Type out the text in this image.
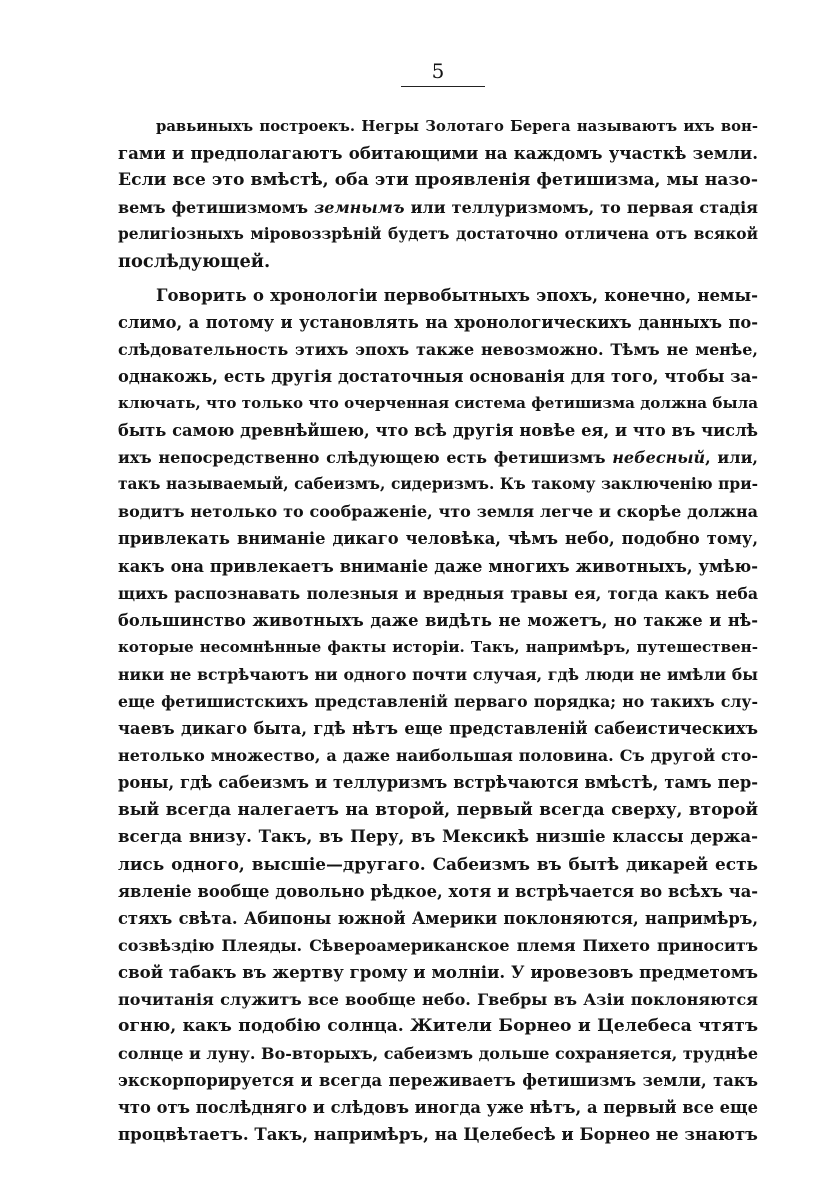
5
равьиныхъ построекъ. Негры Золотаго Берега называютъ ихъ вон-
гами и предполагаютъ обитающими на каждомъ участкѣ земли.
Если все это вмѣстѣ, оба эти проявленія фетишизма, мы назо-
вемъ фетишизмомъ земнымъ или теллуризмомъ, то первая стадія
религіозныхъ міровоззрѣній будетъ достаточно отличена отъ всякой
послѣдующей.
Говорить о хронологіи первобытныхъ эпохъ, конечно, немы-
слимо, а потому и установлять на хронологическихъ данныхъ по-
слѣдовательность этихъ эпохъ также невозможно. Тѣмъ не менѣе,
однакожь, есть другія достаточныя основанія для того, чтобы за-
ключать, что только что очерченная система фетишизма должна была
быть самою древнѣйшею, что всѣ другія новѣе ея, и что въ числѣ
ихъ непосредственно слѣдующею есть фетишизмъ небесный, или,
такъ называемый, сабеизмъ, сидеризмъ. Къ такому заключенію при-
водитъ нетолько то соображеніе, что земля легче и скорѣе должна
привлекать вниманіе дикаго человѣка, чѣмъ небо, подобно тому,
какъ она привлекаетъ вниманіе даже многихъ животныхъ, умѣю-
щихъ распознавать полезныя и вредныя травы ея, тогда какъ неба
большинство животныхъ даже видѣть не можетъ, но также и нѣ-
которые несомнѣнные факты исторіи. Такъ, напримѣръ, путешествен-
ники не встрѣчаютъ ни одного почти случая, гдѣ люди не имѣли бы
еще фетишистскихъ представленій перваго порядка; но такихъ слу-
чаевъ дикаго быта, гдѣ нѣтъ еще представленій сабеистическихъ
нетолько множество, а даже наибольшая половина. Съ другой сто-
роны, гдѣ сабеизмъ и теллуризмъ встрѣчаются вмѣстѣ, тамъ пер-
вый всегда налегаетъ на второй, первый всегда сверху, второй
всегда внизу. Такъ, въ Перу, въ Мексикѣ низшіе классы держа-
лись одного, высшіе—другаго. Сабеизмъ въ бытѣ дикарей есть
явленіе вообще довольно рѣдкое, хотя и встрѣчается во всѣхъ ча-
стяхъ свѣта. Абипоны южной Америки поклоняются, напримѣръ,
созвѣздію Плеяды. Сѣвероамериканское племя Пихето приноситъ
свой табакъ въ жертву грому и молніи. У ировезовъ предметомъ
почитанія служитъ все вообще небо. Гвебры въ Азіи поклоняются
огню, какъ подобію солнца. Жители Борнео и Целебеса чтятъ
солнце и луну. Во-вторыхъ, сабеизмъ дольше сохраняется, труднѣе
экскорпорируется и всегда переживаетъ фетишизмъ земли, такъ
что отъ послѣдняго и слѣдовъ иногда уже нѣтъ, а первый все еще
процвѣтаетъ. Такъ, напримѣръ, на Целебесѣ и Борнео не знаютъ
